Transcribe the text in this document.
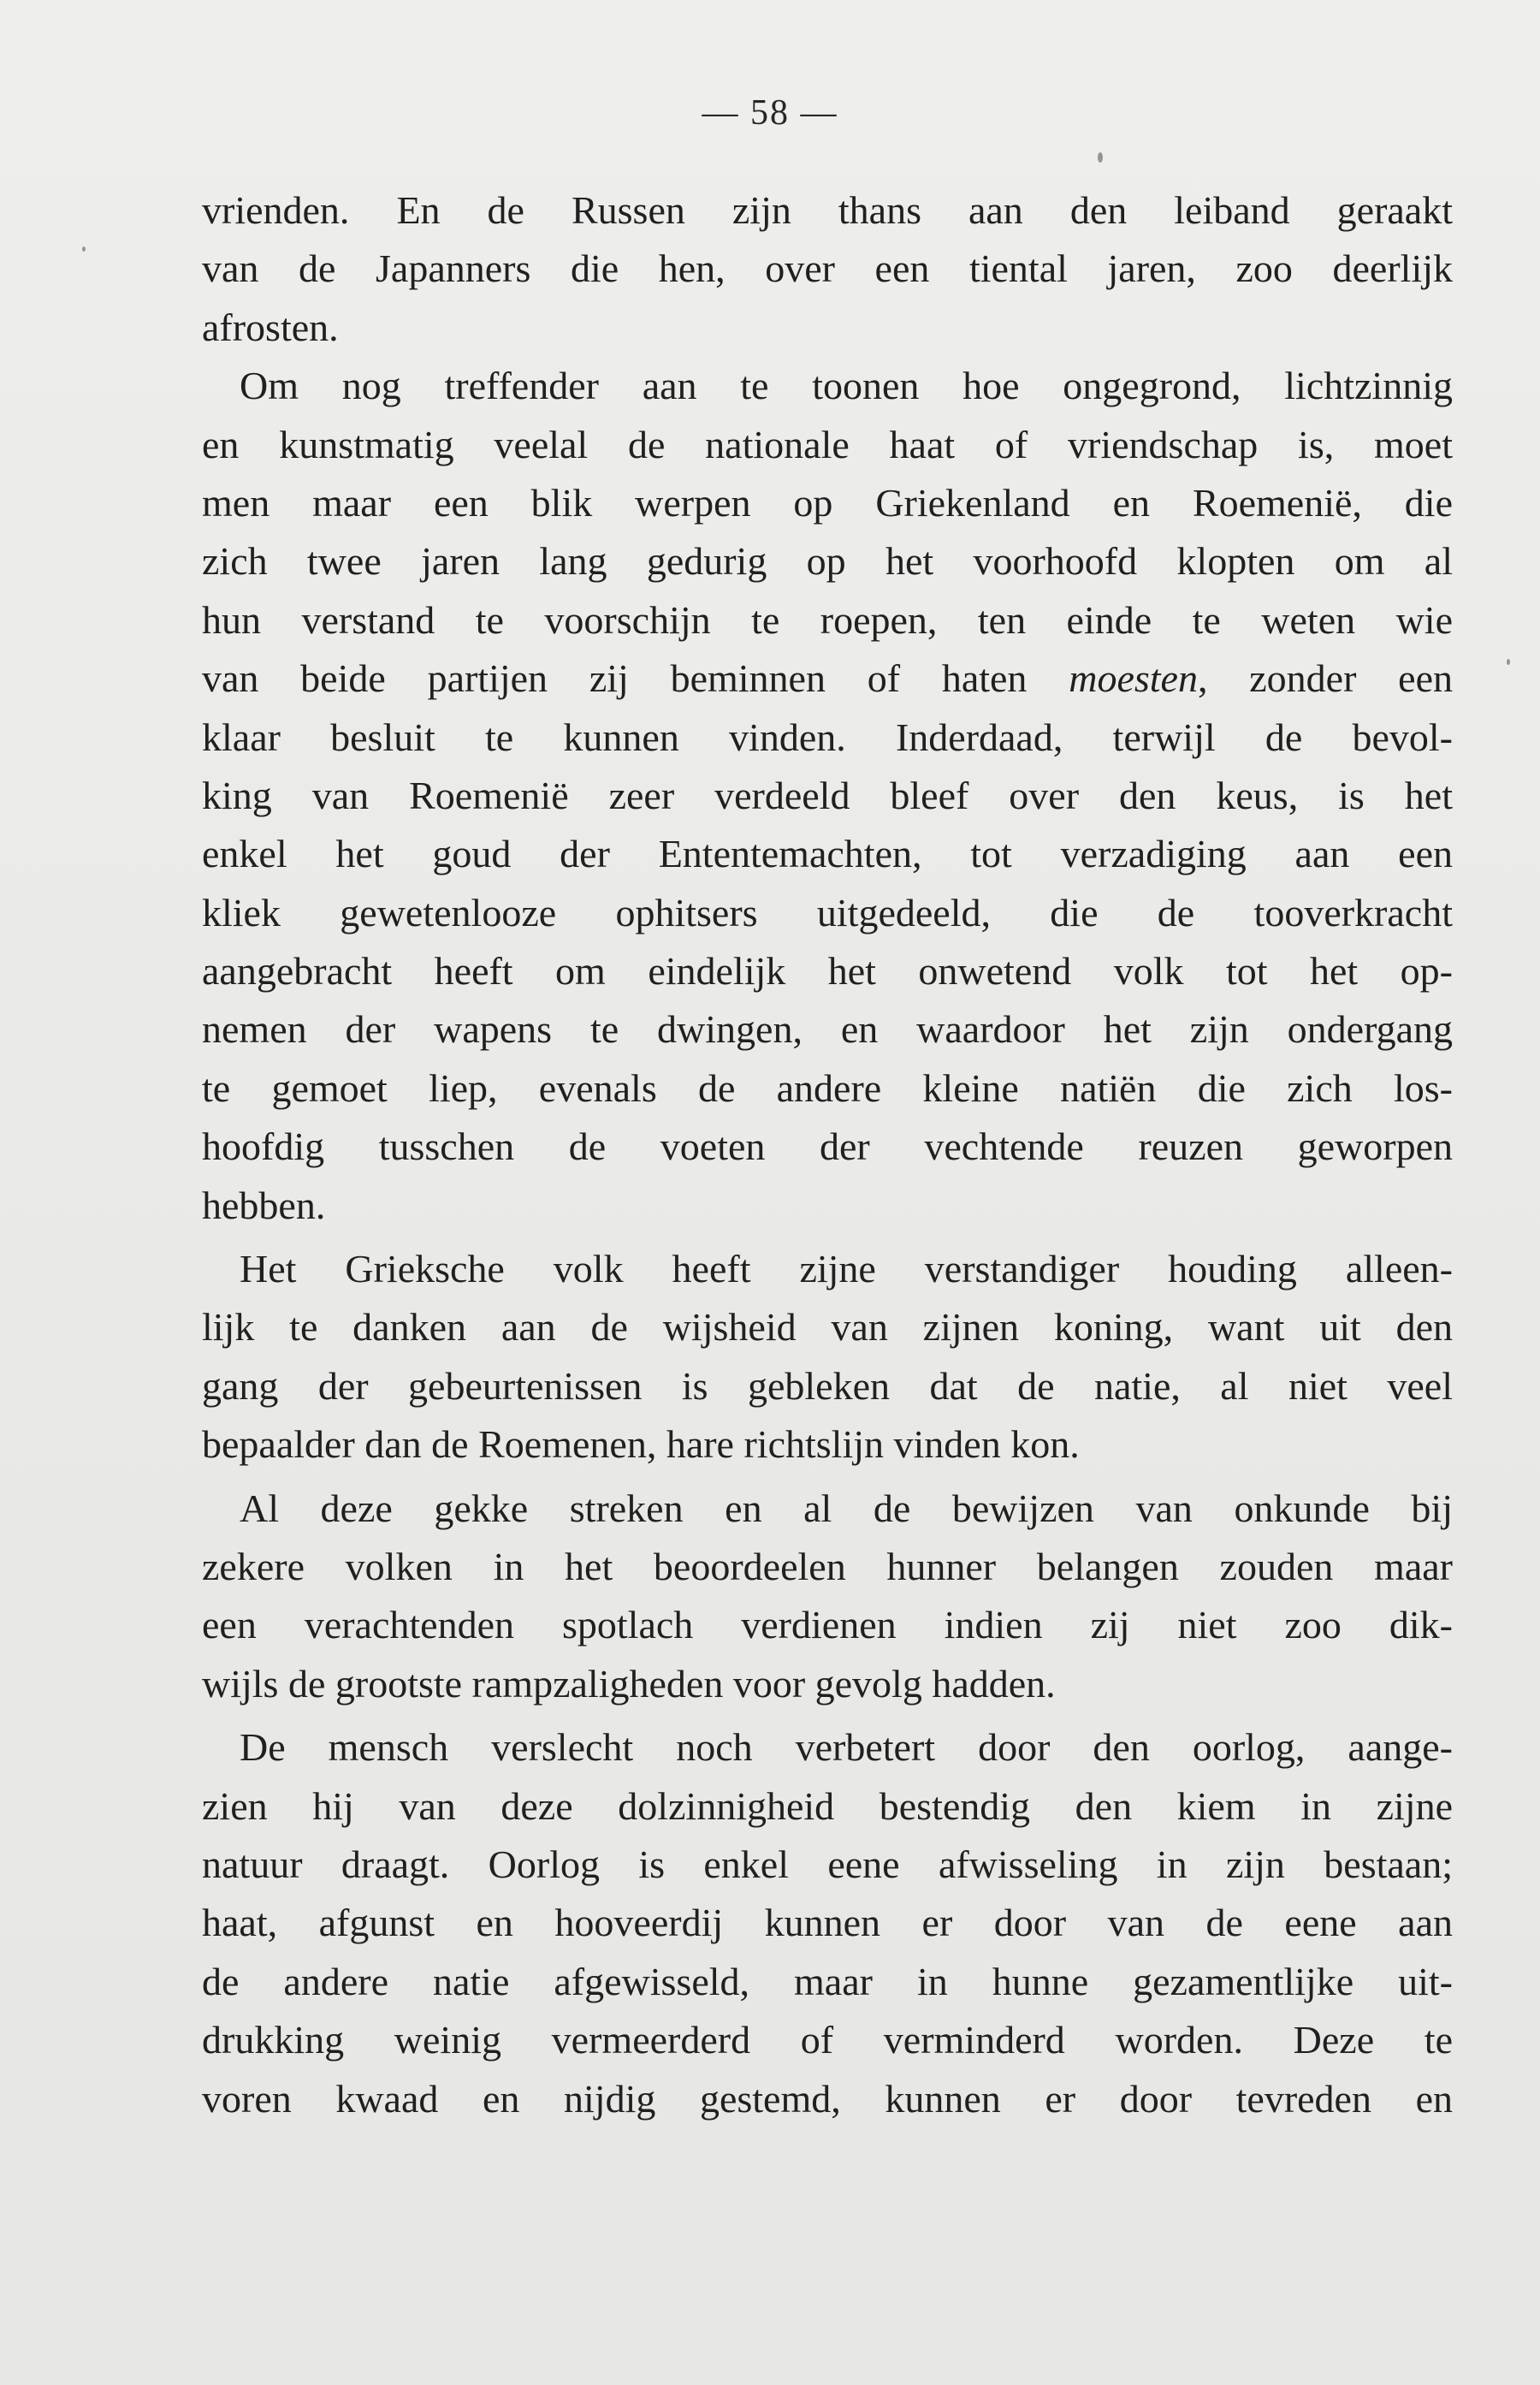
— 58 —
vrienden. En de Russen zijn thans aan den leiband geraakt
van de Japanners die hen, over een tiental jaren, zoo deerlijk
afrosten.
Om nog treffender aan te toonen hoe ongegrond, lichtzinnig
en kunstmatig veelal de nationale haat of vriendschap is, moet
men maar een blik werpen op Griekenland en Roemenië, die
zich twee jaren lang gedurig op het voorhoofd klopten om al
hun verstand te voorschijn te roepen, ten einde te weten wie
van beide partijen zij beminnen of haten moesten, zonder een
klaar besluit te kunnen vinden. Inderdaad, terwijl de bevol-
king van Roemenië zeer verdeeld bleef over den keus, is het
enkel het goud der Ententemachten, tot verzadiging aan een
kliek gewetenlooze ophitsers uitgedeeld, die de tooverkracht
aangebracht heeft om eindelijk het onwetend volk tot het op-
nemen der wapens te dwingen, en waardoor het zijn ondergang
te gemoet liep, evenals de andere kleine natiën die zich los-
hoofdig tusschen de voeten der vechtende reuzen geworpen
hebben.
Het Grieksche volk heeft zijne verstandiger houding alleen-
lijk te danken aan de wijsheid van zijnen koning, want uit den
gang der gebeurtenissen is gebleken dat de natie, al niet veel
bepaalder dan de Roemenen, hare richtslijn vinden kon.
Al deze gekke streken en al de bewijzen van onkunde bij
zekere volken in het beoordeelen hunner belangen zouden maar
een verachtenden spotlach verdienen indien zij niet zoo dik-
wijls de grootste rampzaligheden voor gevolg hadden.
De mensch verslecht noch verbetert door den oorlog, aange-
zien hij van deze dolzinnigheid bestendig den kiem in zijne
natuur draagt. Oorlog is enkel eene afwisseling in zijn bestaan;
haat, afgunst en hooveerdij kunnen er door van de eene aan
de andere natie afgewisseld, maar in hunne gezamentlijke uit-
drukking weinig vermeerderd of verminderd worden. Deze te
voren kwaad en nijdig gestemd, kunnen er door tevreden en
